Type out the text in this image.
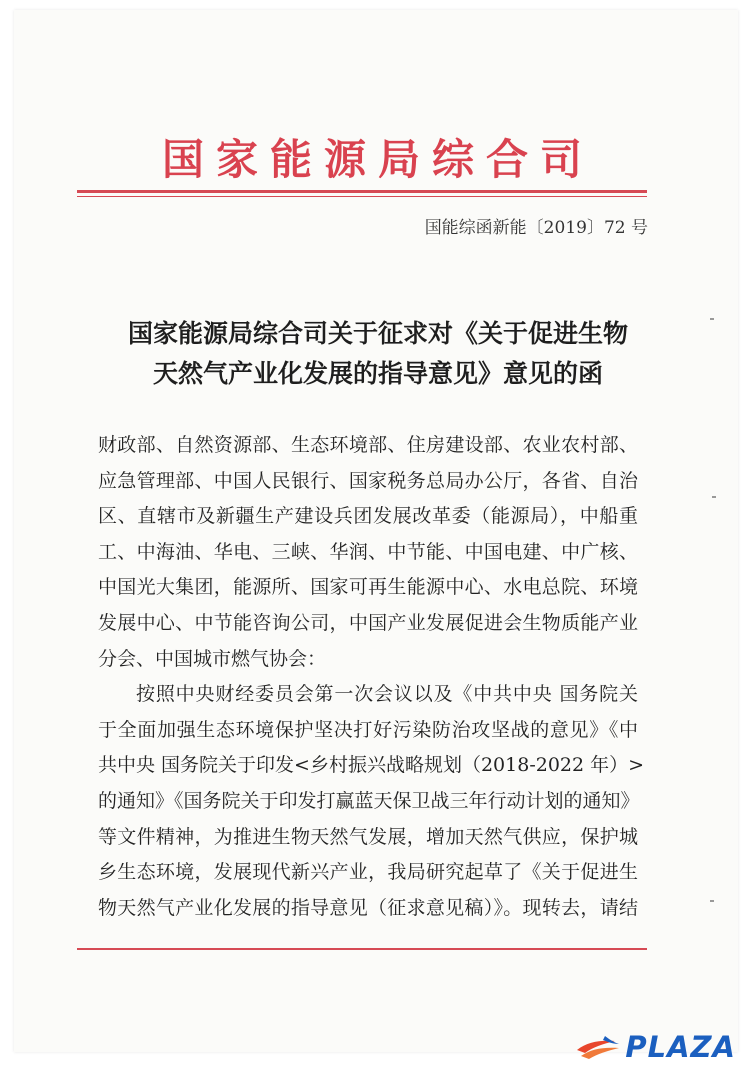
国家能源局综合司
国能综函新能〔2019〕72 号
国家能源局综合司关于征求对《关于促进生物
天然气产业化发展的指导意见》意见的函
财政部、自然资源部、生态环境部、住房建设部、农业农村部、
应急管理部、中国人民银行、国家税务总局办公厅，各省、自治
区、直辖市及新疆生产建设兵团发展改革委（能源局），中船重
工、中海油、华电、三峡、华润、中节能、中国电建、中广核、
中国光大集团，能源所、国家可再生能源中心、水电总院、环境
发展中心、中节能咨询公司，中国产业发展促进会生物质能产业
分会、中国城市燃气协会：
按照中央财经委员会第一次会议以及《中共中央 国务院关
于全面加强生态环境保护坚决打好污染防治攻坚战的意见》《中
共中央 国务院关于印发<乡村振兴战略规划（2018-2022 年）>
的通知》《国务院关于印发打赢蓝天保卫战三年行动计划的通知》
等文件精神，为推进生物天然气发展，增加天然气供应，保护城
乡生态环境，发展现代新兴产业，我局研究起草了《关于促进生
物天然气产业化发展的指导意见（征求意见稿）》。现转去，请结
PLAZA
